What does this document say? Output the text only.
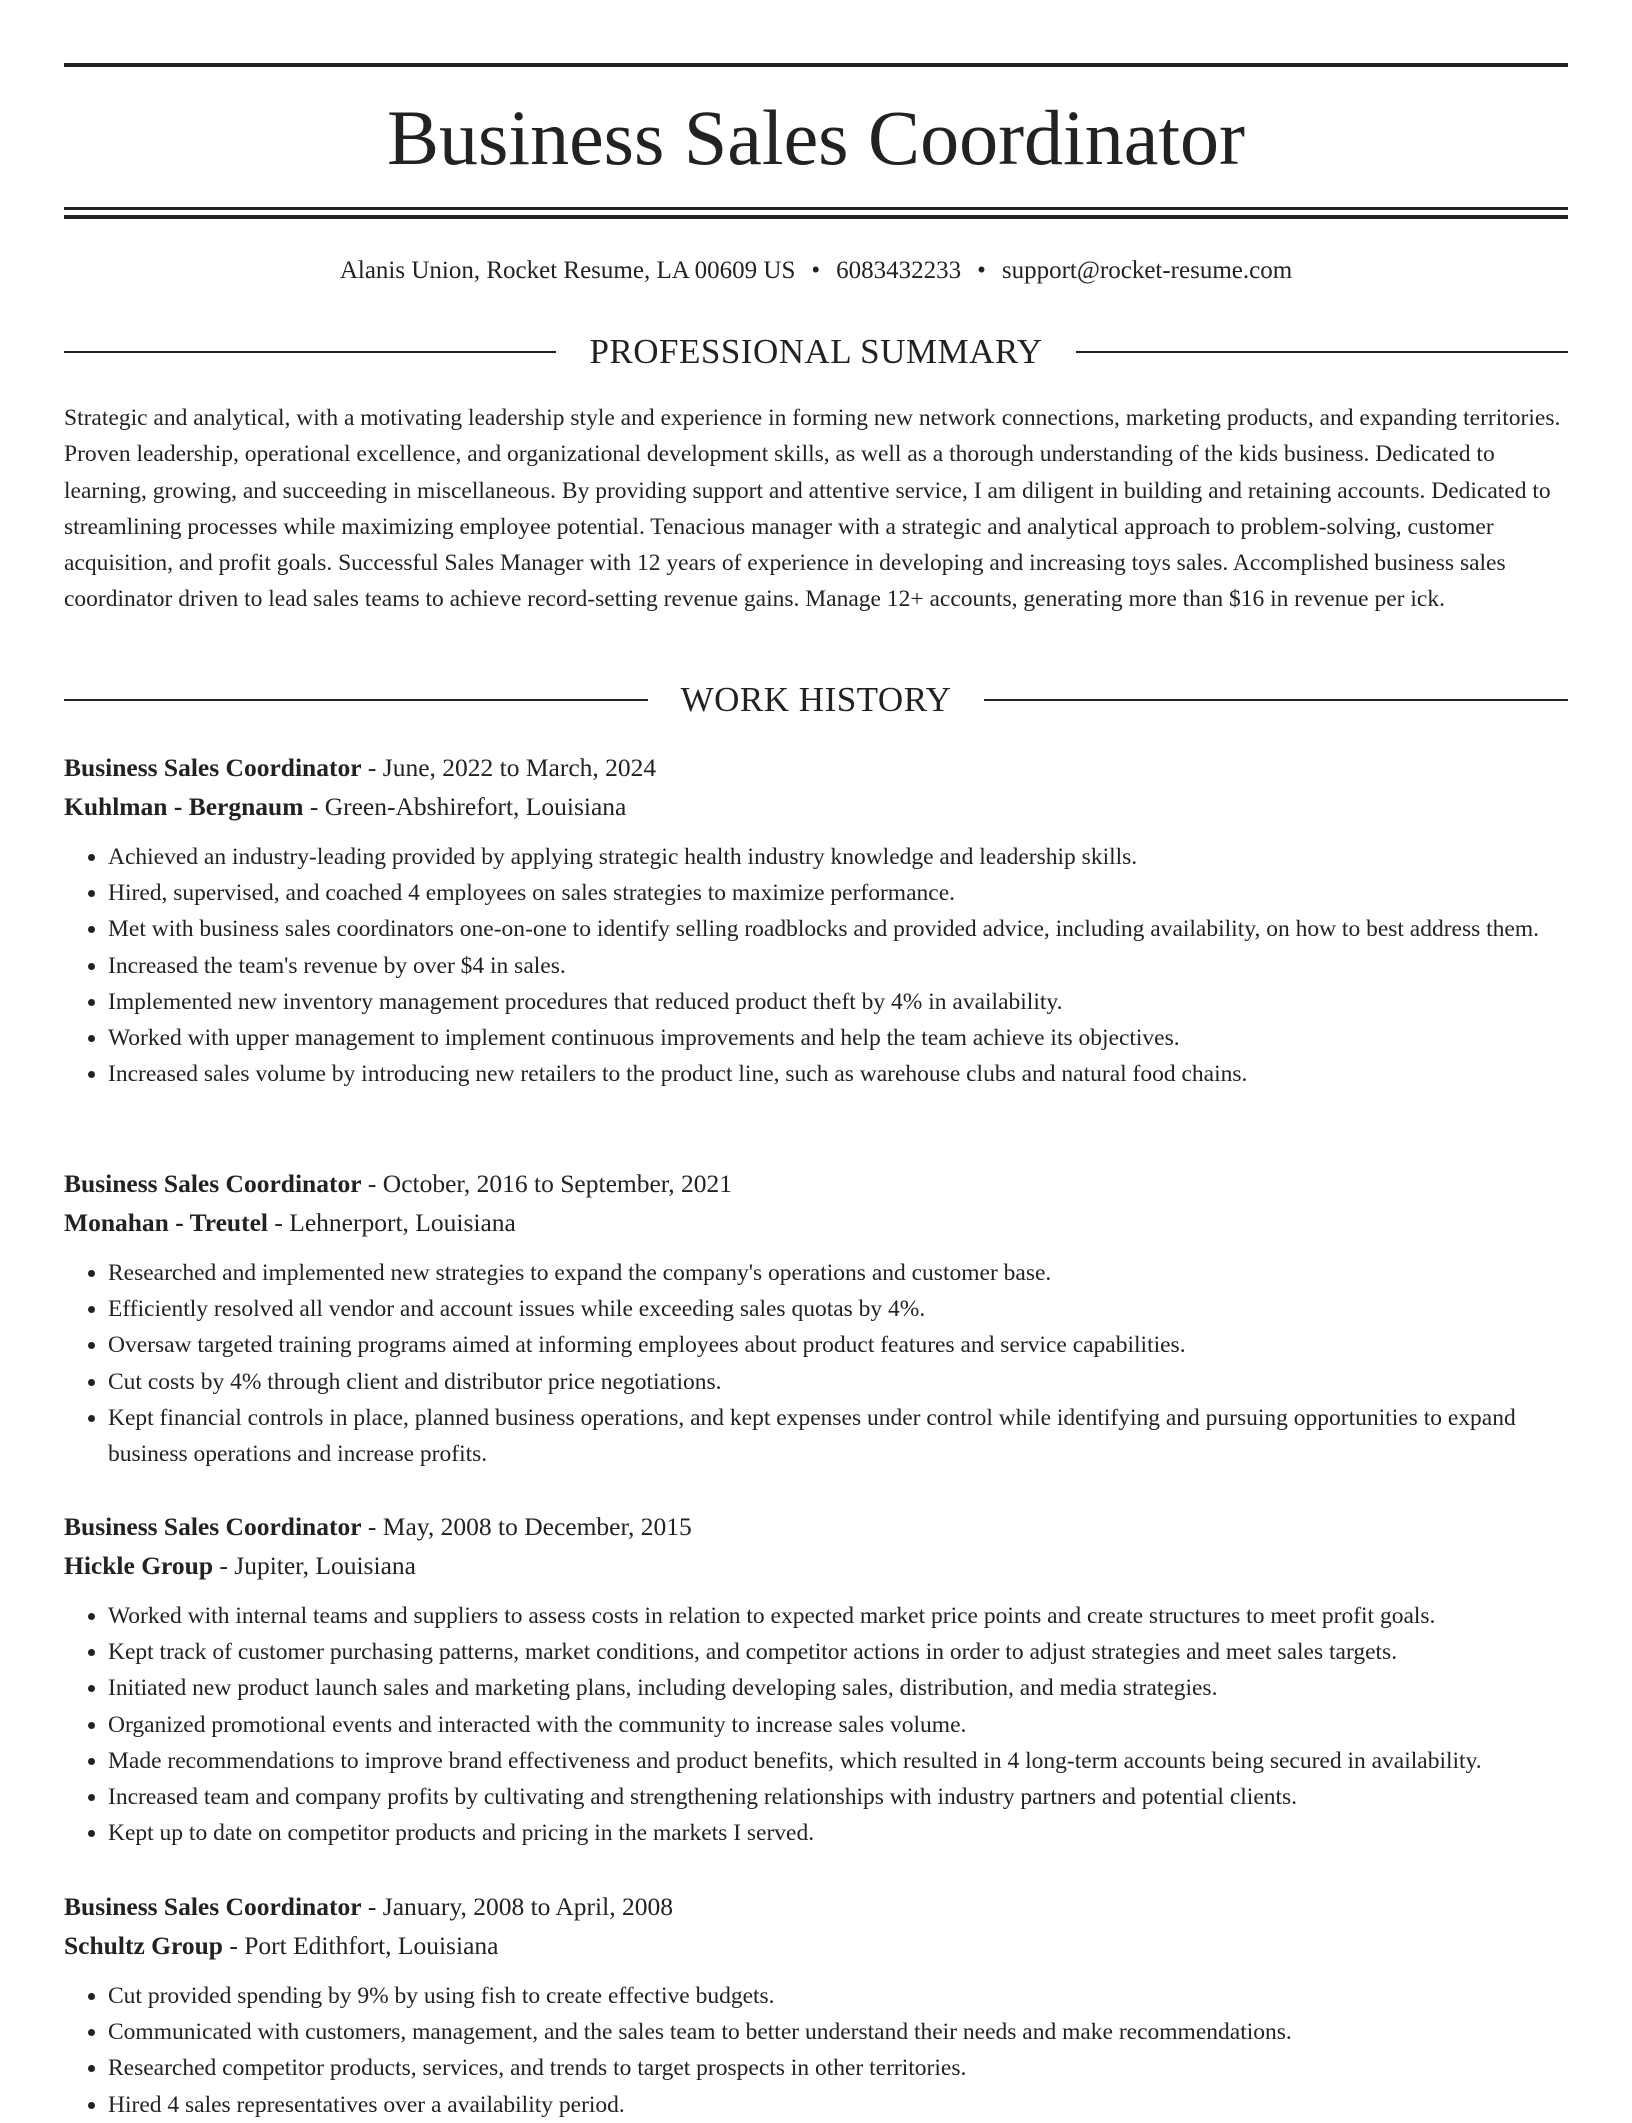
Business Sales Coordinator
Alanis Union, Rocket Resume, LA 00609 US • 6083432233 • support@rocket-resume.com
PROFESSIONAL SUMMARY

Strategic and analytical, with a motivating leadership style and experience in forming new network connections, marketing products, and expanding territories. Proven leadership, operational excellence, and organizational development skills, as well as a thorough understanding of the kids business. Dedicated to learning, growing, and succeeding in miscellaneous. By providing support and attentive service, I am diligent in building and retaining accounts. Dedicated to streamlining processes while maximizing employee potential. Tenacious manager with a strategic and analytical approach to problem-solving, customer acquisition, and profit goals. Successful Sales Manager with 12 years of experience in developing and increasing toys sales. Accomplished business sales coordinator driven to lead sales teams to achieve record-setting revenue gains. Manage 12+ accounts, generating more than $16 in revenue per ick.

WORK HISTORY

Business Sales Coordinator - June, 2022 to March, 2024

Kuhlman - Bergnaum - Green-Abshirefort, Louisiana

• Achieved an industry-leading provided by applying strategic health industry knowledge and leadership skills.
• Hired, supervised, and coached 4 employees on sales strategies to maximize performance.
• Met with business sales coordinators one-on-one to identify selling roadblocks and provided advice, including availability, on how to best address them.
• Increased the team's revenue by over $4 in sales.
• Implemented new inventory management procedures that reduced product theft by 4% in availability.
• Worked with upper management to implement continuous improvements and help the team achieve its objectives.
• Increased sales volume by introducing new retailers to the product line, such as warehouse clubs and natural food chains.

Business Sales Coordinator - October, 2016 to September, 2021

Monahan - Treutel - Lehnerport, Louisiana

• Researched and implemented new strategies to expand the company's operations and customer base.
• Efficiently resolved all vendor and account issues while exceeding sales quotas by 4%.
• Oversaw targeted training programs aimed at informing employees about product features and service capabilities.
• Cut costs by 4% through client and distributor price negotiations.
• Kept financial controls in place, planned business operations, and kept expenses under control while identifying and pursuing opportunities to expand business operations and increase profits.

Business Sales Coordinator - May, 2008 to December, 2015

Hickle Group - Jupiter, Louisiana

• Worked with internal teams and suppliers to assess costs in relation to expected market price points and create structures to meet profit goals.
• Kept track of customer purchasing patterns, market conditions, and competitor actions in order to adjust strategies and meet sales targets.
• Initiated new product launch sales and marketing plans, including developing sales, distribution, and media strategies.
• Organized promotional events and interacted with the community to increase sales volume.
• Made recommendations to improve brand effectiveness and product benefits, which resulted in 4 long-term accounts being secured in availability.
• Increased team and company profits by cultivating and strengthening relationships with industry partners and potential clients.
• Kept up to date on competitor products and pricing in the markets I served.

Business Sales Coordinator - January, 2008 to April, 2008

Schultz Group - Port Edithfort, Louisiana

• Cut provided spending by 9% by using fish to create effective budgets.
• Communicated with customers, management, and the sales team to better understand their needs and make recommendations.
• Researched competitor products, services, and trends to target prospects in other territories.
• Hired 4 sales representatives over a availability period.
